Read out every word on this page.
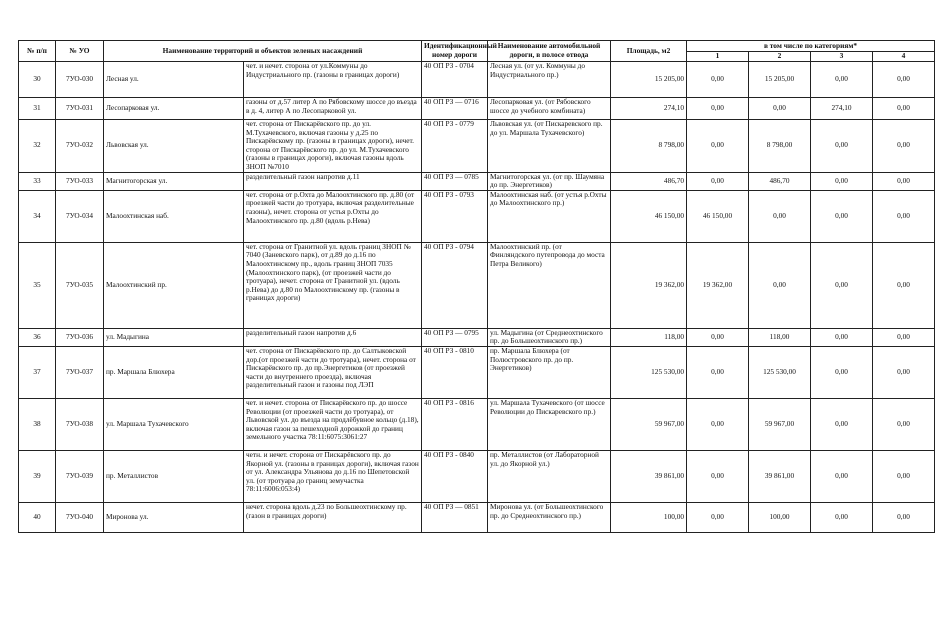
№ п/п	№ УО	Наименование территорий и объектов зеленых насаждений		Идентификационный номер дороги	Наименование автомобильной дороги, в полосе отвода	Площадь, м2	в том числе по категориям*			
							1	2	3	4
30	7УО-030	Лесная ул.	чет. и нечет. сторона от ул.Коммуны до Индустриального пр. (газоны в границах дороги)	40 ОП РЗ - 0704	Лесная ул. (от ул. Коммуны до Индустриального пр.)	15 205,00	0,00	15 205,00	0,00	0,00
31	7УО-031	Лесопарковая ул.	газоны от д.57 литер А по Рябовскому шоссе до въезда в д. 4, литер А по Лесопарковой ул.	40 ОП РЗ — 0716	Лесопарковая ул. (от Рябовского шоссе до учебного комбината)	274,10	0,00	0,00	274,10	0,00
32	7УО-032	Львовская ул.	чет. сторона от Пискарёвского пр. до ул. М.Тухачевского, включая газоны у д.25 по Пискарёвскому пр. (газоны в границах дороги), нечет. сторона от Пискарёвского пр. до ул. М.Тухачевского (газоны в границах дороги), включая газоны вдоль ЗНОП №7010	40 ОП РЗ - 0779	Львовская ул. (от Пискаревского пр. до ул. Маршала Тухачевского)	8 798,00	0,00	8 798,00	0,00	0,00
33	7УО-033	Магнитогорская ул.	разделительный газон напротив д.11	40 ОП РЗ — 0785	Магнитогорская ул. (от пр. Шаумяна до пр. Энергетиков)	486,70	0,00	486,70	0,00	0,00
34	7УО-034	Малоохтинская наб.	чет. сторона от р.Охта до Малоохтинского пр. д.80 (от проезжей части до тротуара, включая разделительные газоны), нечет. сторона от устья р.Охты до Малоохтинского пр. д.80 (вдоль р.Нева)	40 ОП РЗ - 0793	Малоохтинская наб. (от устья р.Охты до Малоохтинского пр.)	46 150,00	46 150,00	0,00	0,00	0,00
35	7УО-035	Малоохтинский пр.	чет. сторона от Гранитной ул. вдоль границ ЗНОП № 7040 (Заневского парк), от д.89 до д.16 по Малоохтинскому пр., вдоль границ ЗНОП 7035 (Малоохтинского парк), (от проезжей части до тротуара), нечет. сторона от Гранитной ул. (вдоль р.Нева) до д.80 по Малоохтинскому пр. (газоны в границах дороги)	40 ОП РЗ - 0794	Малоохтинский пр. (от Финляндского путепровода до моста Петра Великого)	19 362,00	19 362,00	0,00	0,00	0,00
36	7УО-036	ул. Мадыгина	разделительный газон напротив д.6	40 ОП РЗ — 0795	ул. Мадыгина (от Среднеохтинского пр. до Большеохтинского пр.)	118,00	0,00	118,00	0,00	0,00
37	7УО-037	пр. Маршала Блюхера	чет. сторона от Пискарёвского пр. до Салтыковской дор.(от проезжей части до тротуара), нечет. сторона от Пискарёвского пр. до пр.Энергетиков (от проезжей части до внутреннего проезда), включая разделительный газон и газоны под ЛЭП	40 ОП РЗ - 0810	пр. Маршала Блюхера (от Полюстровского пр. до пр. Энергетиков)	125 530,00	0,00	125 530,00	0,00	0,00
38	7УО-038	ул. Маршала Тухачевского	чет. и нечет. сторона от Пискарёвского пр. до шоссе Революции (от проезжей части до тротуара), от Львовской ул. до въезда на продлёбувное кольцо (д.18), включая газон за пешеходной дорожкой до границ земельного участка 78:11:6075:3061:27	40 ОП РЗ - 0816	ул. Маршала Тухачевского (от шоссе Революции до Пискаревского пр.)	59 967,00	0,00	59 967,00	0,00	0,00
39	7УО-039	пр. Металлистов	четн. и нечет. сторона от Пискарёвского пр. до Якорной ул. (газоны в границах дороги), включая газон от ул. Александра Ульянова до д.16 по Шепетовской ул. (от тротуара до границ земучастка 78:11:6006:053:4)	40 ОП РЗ - 0840	пр. Металлистов (от Лабораторной ул. до Якорной ул.)	39 861,00	0,00	39 861,00	0,00	0,00
40	7УО-040	Миронова ул.	нечет. сторона вдоль д.23 по Большеохтинскому пр. (газон в границах дороги)	40 ОП РЗ — 0851	Миронова ул. (от Большеохтинского пр. до Среднеохтинского пр.)	100,00	0,00	100,00	0,00	0,00
